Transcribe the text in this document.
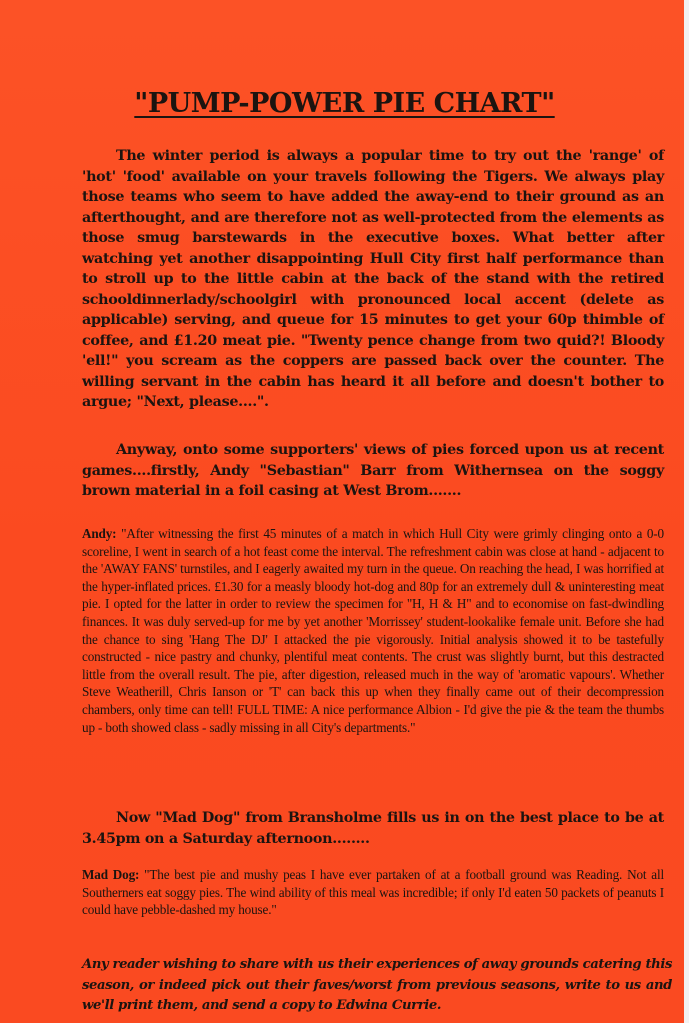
"PUMP-POWER PIE CHART"

The winter period is always a popular time to try out the 'range' of 'hot' 'food' available on your travels following the Tigers. We always play those teams who seem to have added the away-end to their ground as an afterthought, and are therefore not as well-protected from the elements as those smug barstewards in the executive boxes. What better after watching yet another disappointing Hull City first half performance than to stroll up to the little cabin at the back of the stand with the retired schooldinnerlady/schoolgirl with pronounced local accent (delete as applicable) serving, and queue for 15 minutes to get your 60p thimble of coffee, and £1.20 meat pie. "Twenty pence change from two quid?! Bloody 'ell!" you scream as the coppers are passed back over the counter. The willing servant in the cabin has heard it all before and doesn't bother to argue; "Next, please....".

Anyway, onto some supporters' views of pies forced upon us at recent games....firstly, Andy "Sebastian" Barr from Withernsea on the soggy brown material in a foil casing at West Brom.......

Andy: "After witnessing the first 45 minutes of a match in which Hull City were grimly clinging onto a 0-0 scoreline, I went in search of a hot feast come the interval. The refreshment cabin was close at hand - adjacent to the 'AWAY FANS' turnstiles, and I eagerly awaited my turn in the queue. On reaching the head, I was horrified at the hyper-inflated prices. £1.30 for a measly bloody hot-dog and 80p for an extremely dull & uninteresting meat pie. I opted for the latter in order to review the specimen for "H, H & H" and to economise on fast-dwindling finances. It was duly served-up for me by yet another 'Morrissey' student-lookalike female unit. Before she had the chance to sing 'Hang The DJ' I attacked the pie vigorously. Initial analysis showed it to be tastefully constructed - nice pastry and chunky, plentiful meat contents. The crust was slightly burnt, but this destracted little from the overall result. The pie, after digestion, released much in the way of 'aromatic vapours'. Whether Steve Weatherill, Chris Ianson or 'T' can back this up when they finally came out of their decompression chambers, only time can tell! FULL TIME: A nice performance Albion - I'd give the pie & the team the thumbs up - both showed class - sadly missing in all City's departments."

Now "Mad Dog" from Bransholme fills us in on the best place to be at 3.45pm on a Saturday afternoon........

Mad Dog: "The best pie and mushy peas I have ever partaken of at a football ground was Reading. Not all Southerners eat soggy pies. The wind ability of this meal was incredible; if only I'd eaten 50 packets of peanuts I could have pebble-dashed my house."

Any reader wishing to share with us their experiences of away grounds catering this season, or indeed pick out their faves/worst from previous seasons, write to us and we'll print them, and send a copy to Edwina Currie.
